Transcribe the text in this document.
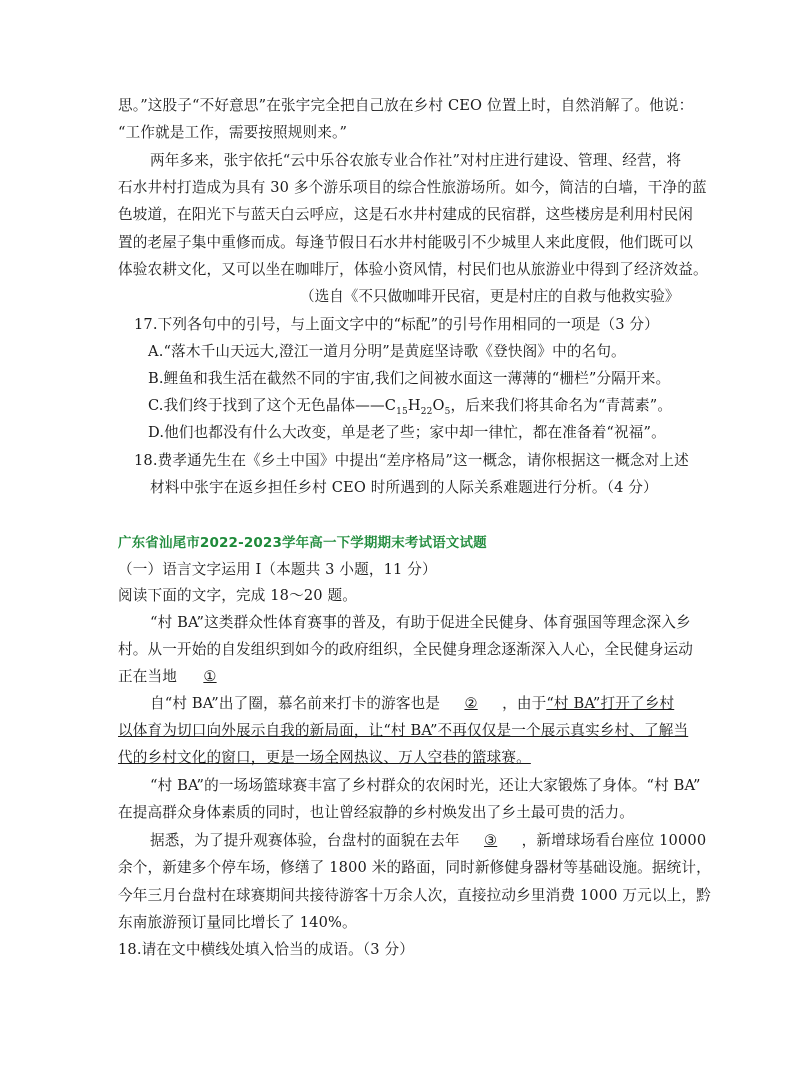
思。”这股子“不好意思”在张宇完全把自己放在乡村 CEO 位置上时，自然消解了。他说：
“工作就是工作，需要按照规则来。”
两年多来，张宇依托“云中乐谷农旅专业合作社”对村庄进行建设、管理、经营，将
石水井村打造成为具有 30 多个游乐项目的综合性旅游场所。如今，简洁的白墙，干净的蓝
色坡道，在阳光下与蓝天白云呼应，这是石水井村建成的民宿群，这些楼房是利用村民闲
置的老屋子集中重修而成。每逢节假日石水井村能吸引不少城里人来此度假，他们既可以
体验农耕文化，又可以坐在咖啡厅，体验小资风情，村民们也从旅游业中得到了经济效益。
（选自《不只做咖啡开民宿，更是村庄的自救与他救实验》
17.下列各句中的引号，与上面文字中的“标配”的引号作用相同的一项是（3 分）
A.“落木千山天远大,澄江一道月分明”是黄庭坚诗歌《登快阁》中的名句。
B.鲤鱼和我生活在截然不同的宇宙,我们之间被水面这一薄薄的“栅栏”分隔开来。
C.我们终于找到了这个无色晶体$——C_{15}H_{22}O_5$，后来我们将其命名为“青蒿素”。
D.他们也都没有什么大改变，单是老了些；家中却一律忙，都在准备着“祝福”。
18.费孝通先生在《乡土中国》中提出“差序格局”这一概念，请你根据这一概念对上述
材料中张宇在返乡担任乡村 CEO 时所遇到的人际关系难题进行分析。（4 分）
广东省汕尾市2022-2023学年高一下学期期末考试语文试题
（一）语言文字运用 I（本题共 3 小题，11 分）
阅读下面的文字，完成 18～20 题。
“村 BA”这类群众性体育赛事的普及，有助于促进全民健身、体育强国等理念深入乡
村。从一开始的自发组织到如今的政府组织，全民健身理念逐渐深入人心，全民健身运动
正在当地 ①
自“村 BA”出了圈，慕名前来打卡的游客也是 ② ，由于“村 BA”打开了乡村
以体育为切口向外展示自我的新局面，让“村 BA”不再仅仅是一个展示真实乡村、了解当
代的乡村文化的窗口，更是一场全网热议、万人空巷的篮球赛。
“村 BA”的一场场篮球赛丰富了乡村群众的农闲时光，还让大家锻炼了身体。“村 BA”
在提高群众身体素质的同时，也让曾经寂静的乡村焕发出了乡土最可贵的活力。
据悉，为了提升观赛体验，台盘村的面貌在去年 ③ ，新增球场看台座位 10000
余个，新建多个停车场，修缮了 1800 米的路面，同时新修健身器材等基础设施。据统计，
今年三月台盘村在球赛期间共接待游客十万余人次，直接拉动乡里消费 1000 万元以上，黔
东南旅游预订量同比增长了 140%。
18.请在文中横线处填入恰当的成语。（3 分）
